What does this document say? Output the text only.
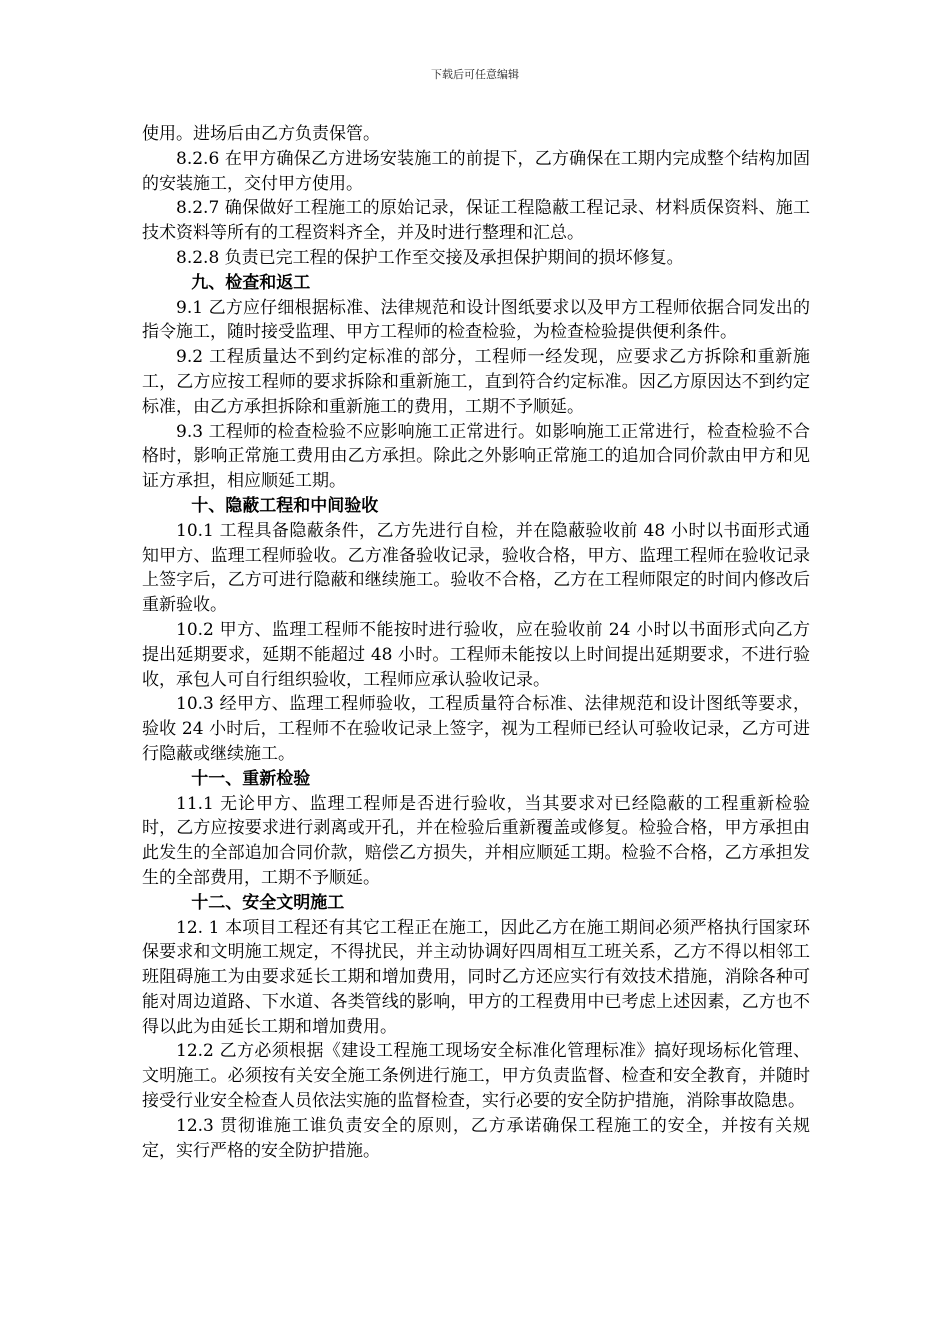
下载后可任意编辑

使用。进场后由乙方负责保管。

8.2.6 在甲方确保乙方进场安装施工的前提下，乙方确保在工期内完成整个结构加固的安装施工，交付甲方使用。

8.2.7 确保做好工程施工的原始记录，保证工程隐蔽工程记录、材料质保资料、施工技术资料等所有的工程资料齐全，并及时进行整理和汇总。

8.2.8 负责已完工程的保护工作至交接及承担保护期间的损坏修复。

九、检查和返工

9.1 乙方应仔细根据标准、法律规范和设计图纸要求以及甲方工程师依据合同发出的指令施工，随时接受监理、甲方工程师的检查检验，为检查检验提供便利条件。

9.2 工程质量达不到约定标准的部分，工程师一经发现，应要求乙方拆除和重新施工，乙方应按工程师的要求拆除和重新施工，直到符合约定标准。因乙方原因达不到约定标准，由乙方承担拆除和重新施工的费用，工期不予顺延。

9.3 工程师的检查检验不应影响施工正常进行。如影响施工正常进行，检查检验不合格时，影响正常施工费用由乙方承担。除此之外影响正常施工的追加合同价款由甲方和见证方承担，相应顺延工期。

十、隐蔽工程和中间验收

10.1 工程具备隐蔽条件，乙方先进行自检，并在隐蔽验收前 48 小时以书面形式通知甲方、监理工程师验收。乙方准备验收记录，验收合格，甲方、监理工程师在验收记录上签字后，乙方可进行隐蔽和继续施工。验收不合格，乙方在工程师限定的时间内修改后重新验收。

10.2 甲方、监理工程师不能按时进行验收，应在验收前 24 小时以书面形式向乙方提出延期要求，延期不能超过 48 小时。工程师未能按以上时间提出延期要求，不进行验收，承包人可自行组织验收，工程师应承认验收记录。

10.3 经甲方、监理工程师验收，工程质量符合标准、法律规范和设计图纸等要求，验收 24 小时后，工程师不在验收记录上签字，视为工程师已经认可验收记录，乙方可进行隐蔽或继续施工。

十一、重新检验

11.1 无论甲方、监理工程师是否进行验收，当其要求对已经隐蔽的工程重新检验时，乙方应按要求进行剥离或开孔，并在检验后重新覆盖或修复。检验合格，甲方承担由此发生的全部追加合同价款，赔偿乙方损失，并相应顺延工期。检验不合格，乙方承担发生的全部费用，工期不予顺延。

十二、安全文明施工

12. 1 本项目工程还有其它工程正在施工，因此乙方在施工期间必须严格执行国家环保要求和文明施工规定，不得扰民，并主动协调好四周相互工班关系，乙方不得以相邻工班阻碍施工为由要求延长工期和增加费用，同时乙方还应实行有效技术措施，消除各种可能对周边道路、下水道、各类管线的影响，甲方的工程费用中已考虑上述因素，乙方也不得以此为由延长工期和增加费用。

12.2 乙方必须根据《建设工程施工现场安全标准化管理标准》搞好现场标化管理、文明施工。必须按有关安全施工条例进行施工，甲方负责监督、检查和安全教育，并随时接受行业安全检查人员依法实施的监督检查，实行必要的安全防护措施，消除事故隐患。

12.3 贯彻谁施工谁负责安全的原则，乙方承诺确保工程施工的安全，并按有关规定，实行严格的安全防护措施。
